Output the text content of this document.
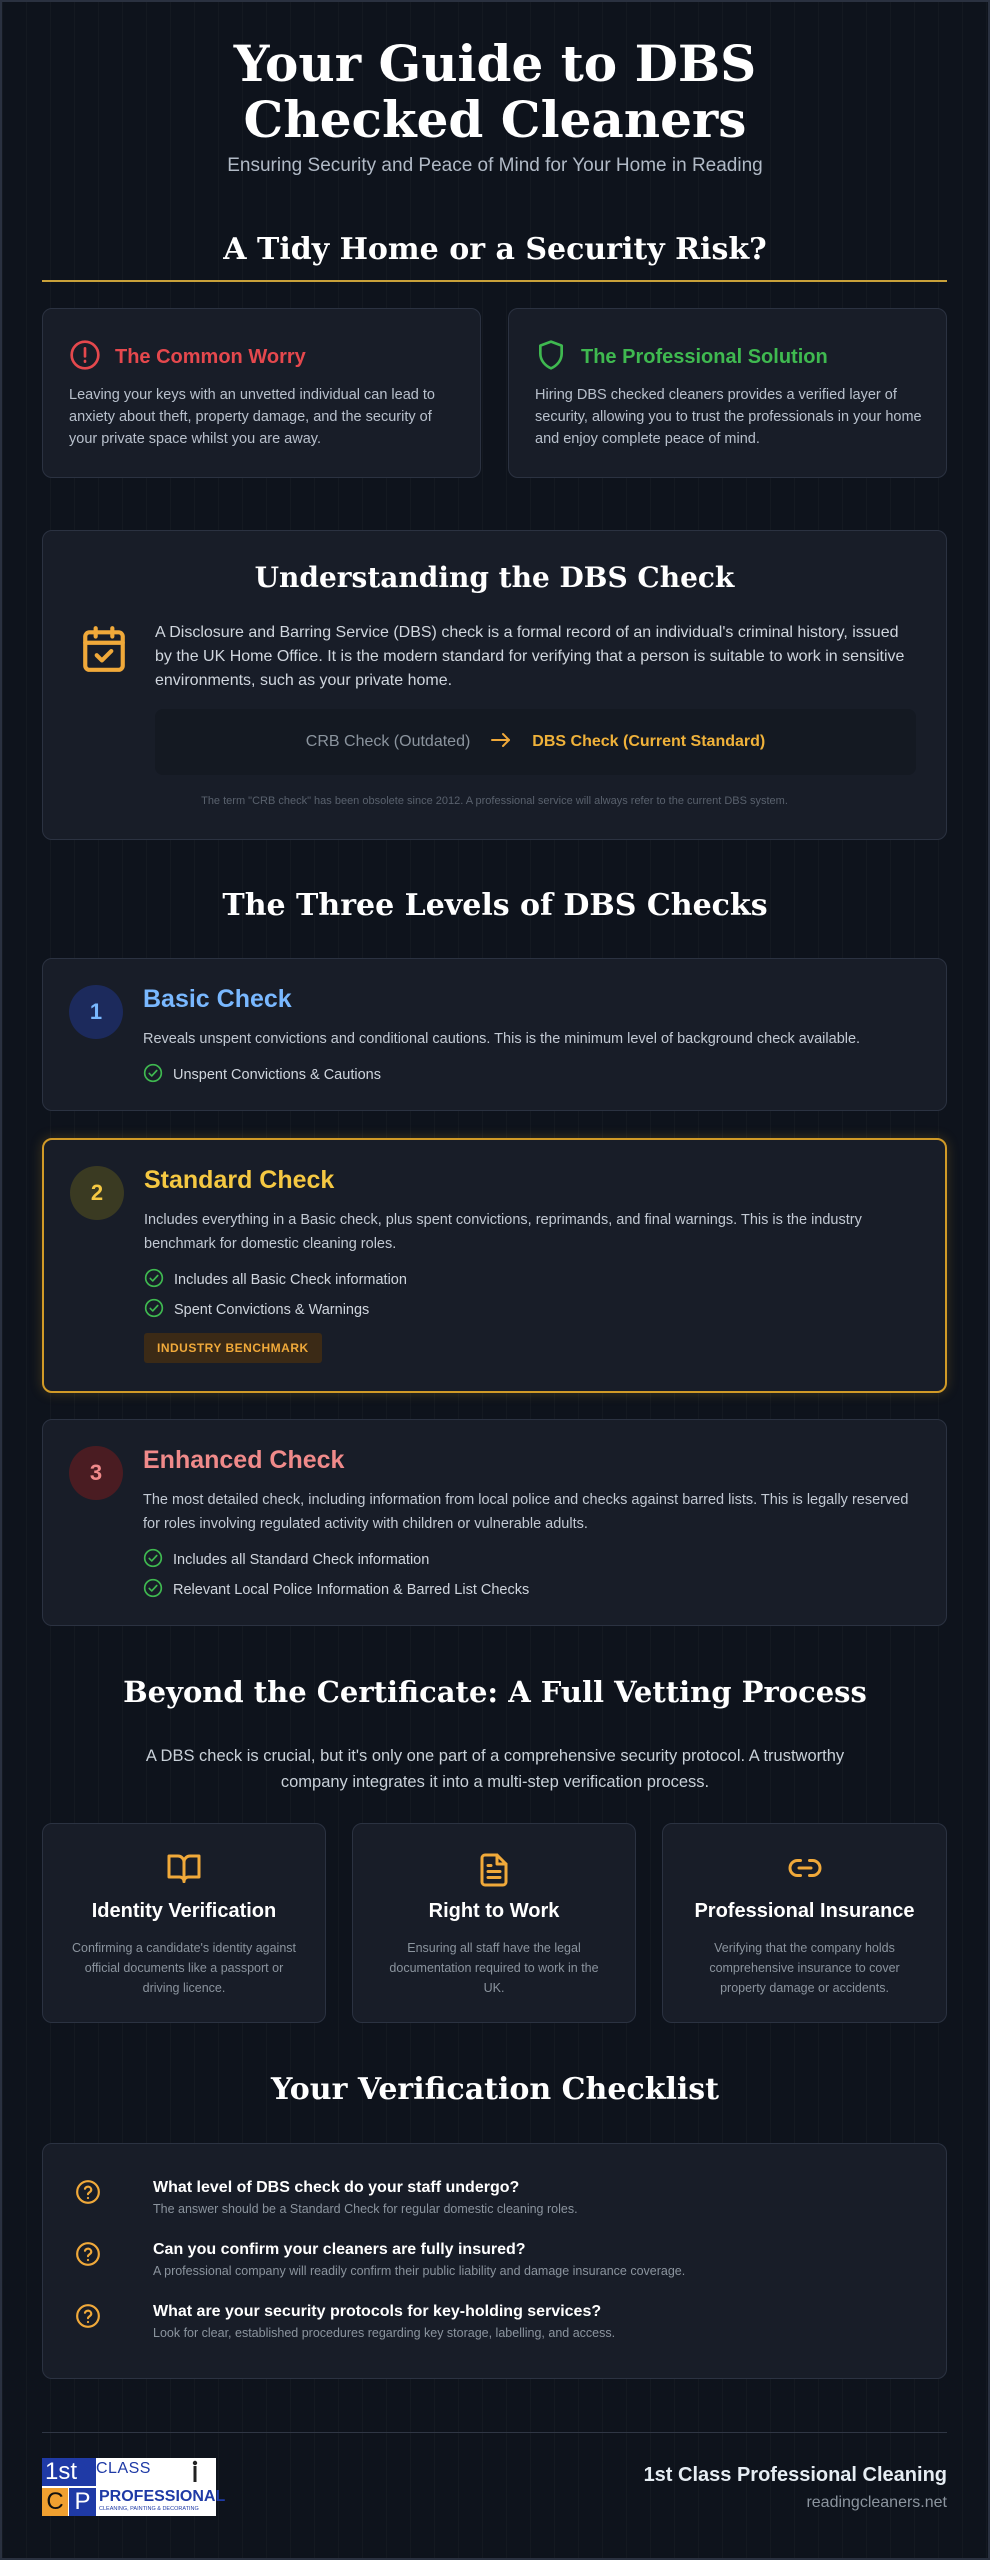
Your Guide to DBS Checked Cleaners
Ensuring Security and Peace of Mind for Your Home in Reading
A Tidy Home or a Security Risk?
The Common Worry
Leaving your keys with an unvetted individual can lead to anxiety about theft, property damage, and the security of your private space whilst you are away.
The Professional Solution
Hiring DBS checked cleaners provides a verified layer of security, allowing you to trust the professionals in your home and enjoy complete peace of mind.
Understanding the DBS Check
A Disclosure and Barring Service (DBS) check is a formal record of an individual's criminal history, issued by the UK Home Office. It is the modern standard for verifying that a person is suitable to work in sensitive environments, such as your private home.
CRB Check (Outdated)	DBS Check (Current Standard)
The term "CRB check" has been obsolete since 2012. A professional service will always refer to the current DBS system.
The Three Levels of DBS Checks
1	Basic Check
Reveals unspent convictions and conditional cautions. This is the minimum level of background check available.
Unspent Convictions & Cautions
2	Standard Check
Includes everything in a Basic check, plus spent convictions, reprimands, and final warnings. This is the industry benchmark for domestic cleaning roles.
Includes all Basic Check information
Spent Convictions & Warnings
INDUSTRY BENCHMARK
3	Enhanced Check
The most detailed check, including information from local police and checks against barred lists. This is legally reserved for roles involving regulated activity with children or vulnerable adults.
Includes all Standard Check information
Relevant Local Police Information & Barred List Checks
Beyond the Certificate: A Full Vetting Process
A DBS check is crucial, but it's only one part of a comprehensive security protocol. A trustworthy company integrates it into a multi-step verification process.
Identity Verification
Confirming a candidate's identity against official documents like a passport or driving licence.
Right to Work
Ensuring all staff have the legal documentation required to work in the UK.
Professional Insurance
Verifying that the company holds comprehensive insurance to cover property damage or accidents.
Your Verification Checklist
What level of DBS check do your staff undergo?
The answer should be a Standard Check for regular domestic cleaning roles.
Can you confirm your cleaners are fully insured?
A professional company will readily confirm their public liability and damage insurance coverage.
What are your security protocols for key-holding services?
Look for clear, established procedures regarding key storage, labelling, and access.
1st	CLASS
C P PROFESSIONAL
CLEANING, PAINTING & DECORATING
1st Class Professional Cleaning
readingcleaners.net
